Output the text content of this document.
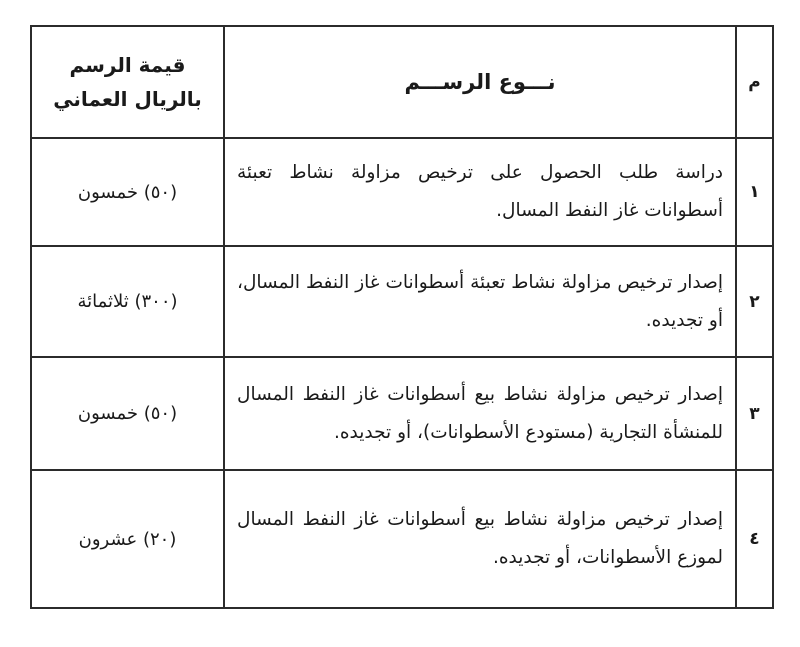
م	نـــوع الرســـم	قيمة الرسم
بالريال العماني

١	دراسة طلب الحصول على ترخيص مزاولة نشاط تعبئة أسطوانات غاز النفط المسال.	(٥٠) خمسون
٢	إصدار ترخيص مزاولة نشاط تعبئة أسطوانات غاز النفط المسال، أو تجديده.	(٣٠٠) ثلاثمائة
٣	إصدار ترخيص مزاولة نشاط بيع أسطوانات غاز النفط المسال للمنشأة التجارية (مستودع الأسطوانات)، أو تجديده.	(٥٠) خمسون
٤	إصدار ترخيص مزاولة نشاط بيع أسطوانات غاز النفط المسال لموزع الأسطوانات، أو تجديده.	(٢٠) عشرون
